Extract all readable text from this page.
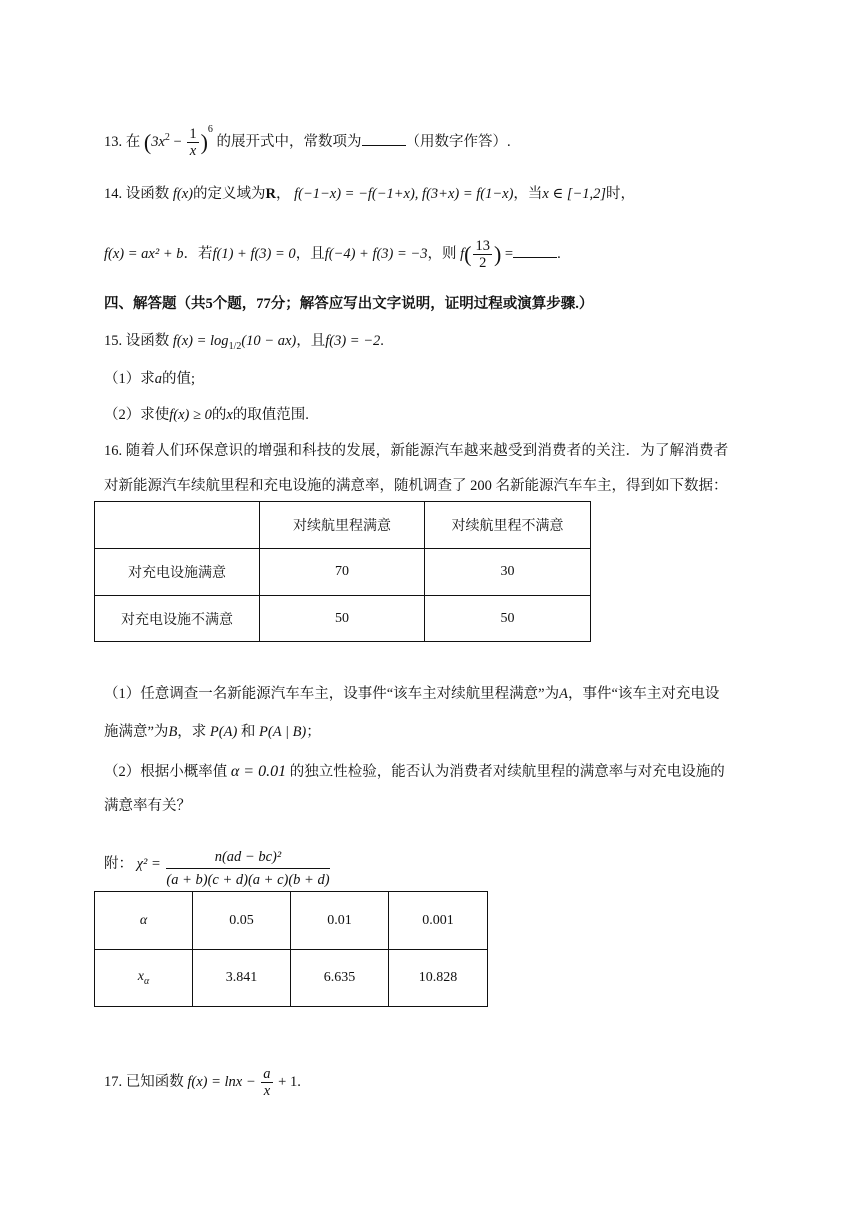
13. 在 $(3x^2 - \frac{1}{x} )^6$ 的展开式中，常数项为	（用数字作答）.
14. 设函数 f(x)的定义域为R， f(−1−x) = −f(−1+x), f(3+x) = f(1−x)，当x ∈ [−1,2]时，
f(x) = ax² + b．若f(1) + f(3) = 0，且f(−4) + f(3) = −3，则 $f( \frac{13}{2}$ ) =	.
四、解答题（共5个题，77分；解答应写出文字说明，证明过程或演算步骤.）
15. 设函数 $f(x) = \log_{1/2}(10 - ax)$，且f(3) = −2.
（1）求a的值;
（2）求使f(x) ≥ 0的x的取值范围.
16. 随着人们环保意识的增强和科技的发展，新能源汽车越来越受到消费者的关注．为了解消费者
对新能源汽车续航里程和充电设施的满意率，随机调查了 200 名新能源汽车车主，得到如下数据：
	对续航里程满意	对续航里程不满意
对充电设施满意	70	30
对充电设施不满意	50	50
（1）任意调查一名新能源汽车车主，设事件“该车主对续航里程满意”为A，事件“该车主对充电设
施满意”为B，求 P(A) 和 P(A | B)；
（2）根据小概率值 α = 0.01 的独立性检验，能否认为消费者对续航里程的满意率与对充电设施的
满意率有关？
附： $\chi^2 = \frac{\text{n(ad − bc)²}}{(a + b)(c + d)(a + c)(b + d)}$
α	0.05	0.01	0.001
$x_\alpha$	3.841	6.635	10.828
17. 已知函数 $f(x) = \ln x - \frac{a}{x} + 1$.
